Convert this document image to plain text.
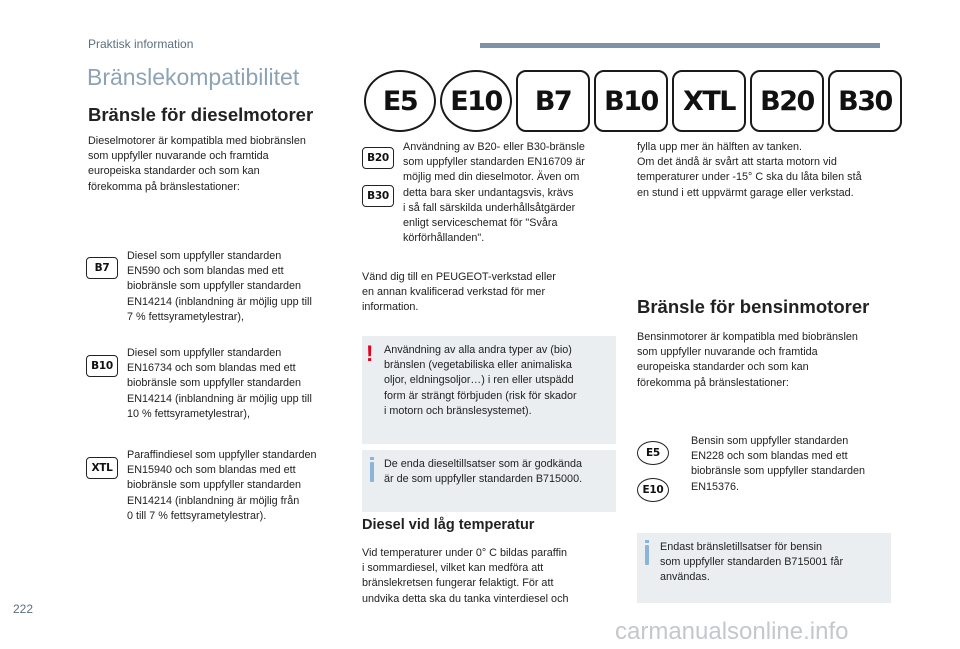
Praktisk information
Bränslekompatibilitet
E5	E10	B7	B10 XTL B20 B30
Bränsle för dieselmotorer
Dieselmotorer är kompatibla med biobränslen
som uppfyller nuvarande och framtida
europeiska standarder och som kan
förekomma på bränslestationer:
B7
Diesel som uppfyller standarden
EN590 och som blandas med ett
biobränsle som uppfyller standarden
EN14214 (inblandning är möjlig upp till
7 % fettsyrametylestrar),
B10
Diesel som uppfyller standarden
EN16734 och som blandas med ett
biobränsle som uppfyller standarden
EN14214 (inblandning är möjlig upp till
10 % fettsyrametylestrar),
XTL
Paraffindiesel som uppfyller standarden
EN15940 och som blandas med ett
biobränsle som uppfyller standarden
EN14214 (inblandning är möjlig från
0 till 7 % fettsyrametylestrar).
B20
B30
Användning av B20- eller B30-bränsle
som uppfyller standarden EN16709 är
möjlig med din dieselmotor. Även om
detta bara sker undantagsvis, krävs
i så fall särskilda underhållsåtgärder
enligt serviceschemat för "Svåra
körförhållanden".
Vänd dig till en PEUGEOT-verkstad eller
en annan kvalificerad verkstad för mer
information.
! Användning av alla andra typer av (bio)
bränslen (vegetabiliska eller animaliska
oljor, eldningsoljor…) i ren eller utspädd
form är strängt förbjuden (risk för skador
i motorn och bränslesystemet).
De enda dieseltillsatser som är godkända
är de som uppfyller standarden B715000.
Diesel vid låg temperatur
Vid temperaturer under 0° C bildas paraffin
i sommardiesel, vilket kan medföra att
bränslekretsen fungerar felaktigt. För att
undvika detta ska du tanka vinterdiesel och
fylla upp mer än hälften av tanken.
Om det ändå är svårt att starta motorn vid
temperaturer under -15° C ska du låta bilen stå
en stund i ett uppvärmt garage eller verkstad.
Bränsle för bensinmotorer
Bensinmotorer är kompatibla med biobränslen
som uppfyller nuvarande och framtida
europeiska standarder och som kan
förekomma på bränslestationer:
E5
E10
Bensin som uppfyller standarden
EN228 och som blandas med ett
biobränsle som uppfyller standarden
EN15376.
Endast bränsletillsatser för bensin
som uppfyller standarden B715001 får
användas.
222
carmanualsonline.info
